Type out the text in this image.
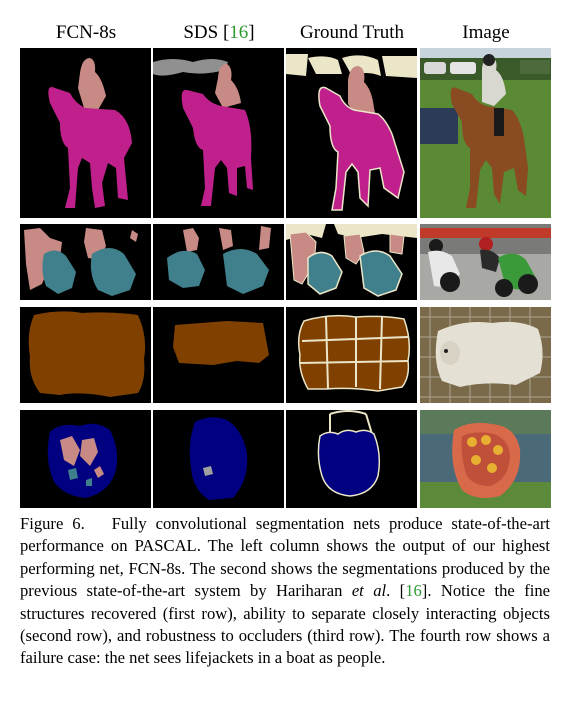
FCN-8s	SDS [16]	Ground Truth	Image
Figure 6. Fully convolutional segmentation nets produce state-of-the-art performance on PASCAL. The left column shows the output of our highest performing net, FCN-8s. The second shows the segmentations produced by the previous state-of-the-art system by Hariharan et al. [16]. Notice the fine structures recovered (first row), ability to separate closely interacting objects (second row), and robustness to occluders (third row). The fourth row shows a failure case: the net sees lifejackets in a boat as people.
